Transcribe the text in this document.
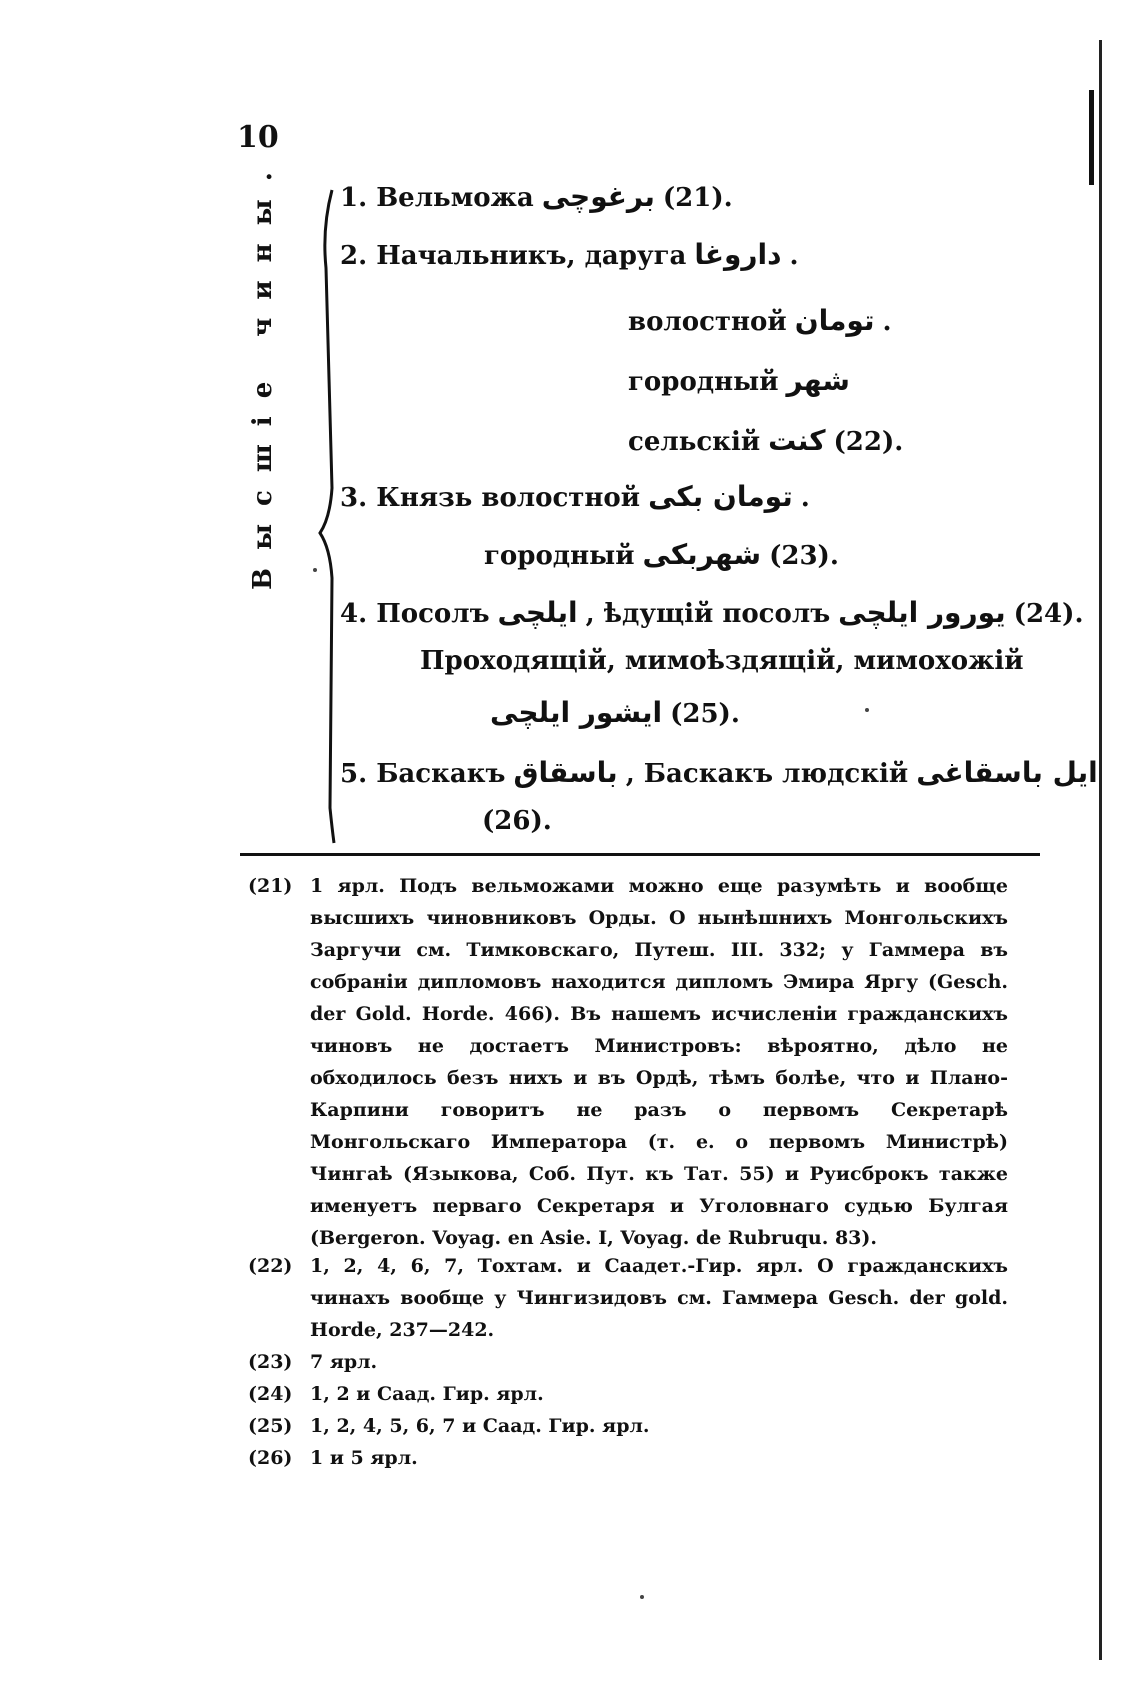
10
Высшіе чины. 1. Вельможа برغوچی (21).
2. Начальникъ, даруга داروغا .
волостной تومان .
городный شهر
сельскій کنت (22).
3. Князь волостной تومان بکی .
городный شهربکی (23).
4. Посолъ ایلچی , ѣдущій посолъ یورور ایلچی (24).
Проходящій, мимоѣздящій, мимохожій
ایشور ایلچی (25).
5. Баскакъ باسقاق , Баскакъ людскій ایل باسقاغی
(26).
(21) 1 ярл. Подъ вельможами можно еще разумѣть и вообще высшихъ чиновниковъ Орды. О нынѣшнихъ Монгольскихъ Заргучи см. Тимковскаго, Путеш. III. 332; у Гаммера въ собраніи дипломовъ находится дипломъ Эмира Яргу (Gesch. der Gold. Horde. 466). Въ нашемъ исчисленіи гражданскихъ чиновъ не достаетъ Министровъ: вѣроятно, дѣло не обходилось безъ нихъ и въ Ордѣ, тѣмъ болѣе, что и Плано-Карпини говоритъ не разъ о первомъ Секретарѣ Монгольскаго Императора (т. е. о первомъ Министрѣ) Чингаѣ (Языкова, Соб. Пут. къ Тат. 55) и Руисброкъ также именуетъ перваго Секретаря и Уголовнаго судью Булгая (Bergeron. Voyag. en Asie. I, Voyag. de Rubruqu. 83).
(22) 1, 2, 4, 6, 7, Тохтам. и Саадет.-Гир. ярл. О гражданскихъ чинахъ вообще у Чингизидовъ см. Гаммера Gesch. der gold. Horde, 237—242.
(23) 7 ярл.
(24) 1, 2 и Саад. Гир. ярл.
(25) 1, 2, 4, 5, 6, 7 и Саад. Гир. ярл.
(26) 1 и 5 ярл.
